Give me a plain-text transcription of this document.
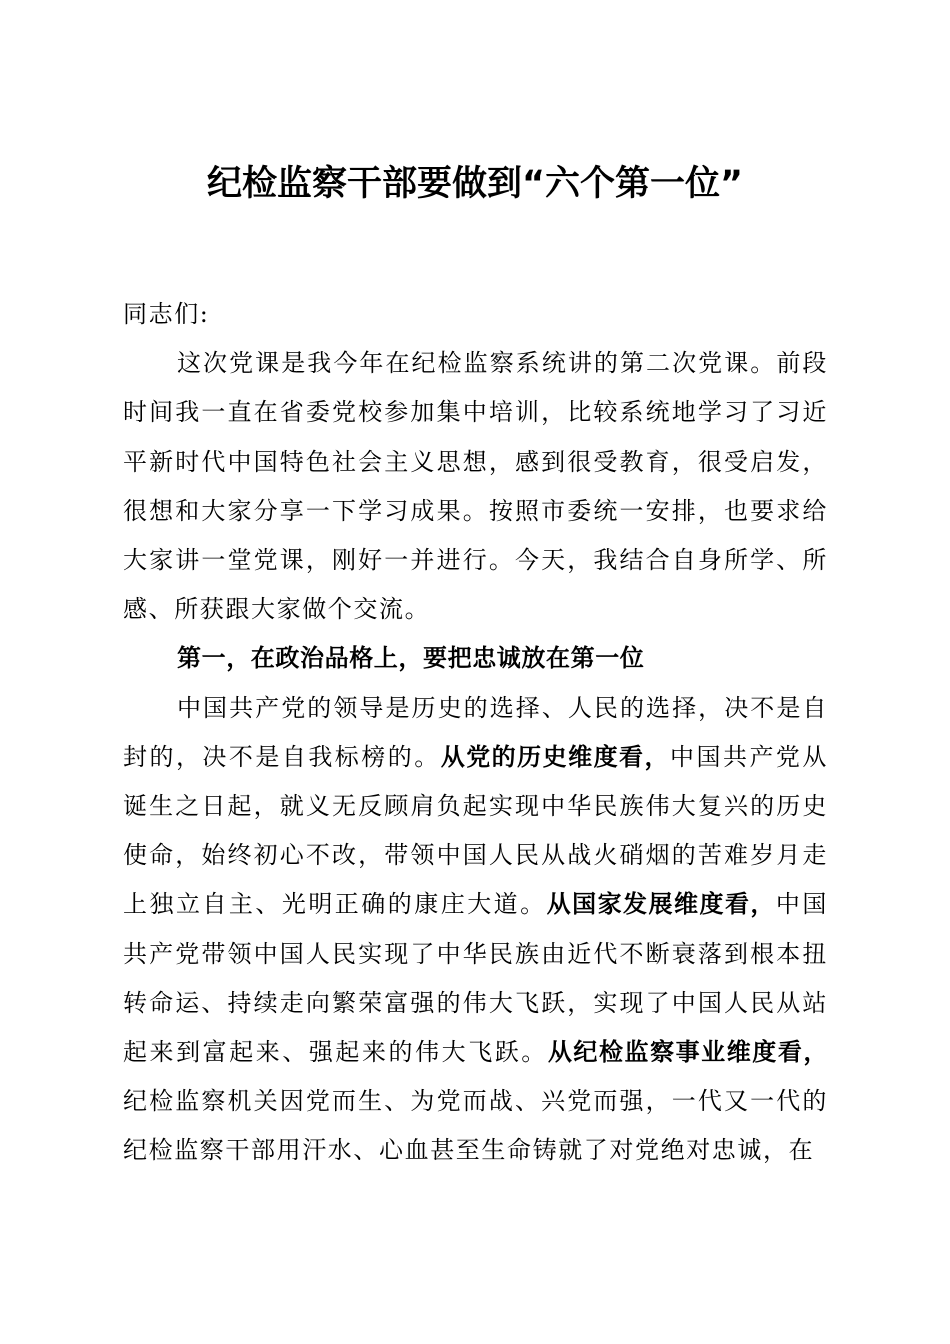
纪检监察干部要做到“六个第一位”

同志们:

这次党课是我今年在纪检监察系统讲的第二次党课。前段时间我一直在省委党校参加集中培训，比较系统地学习了习近平新时代中国特色社会主义思想，感到很受教育，很受启发，很想和大家分享一下学习成果。按照市委统一安排，也要求给大家讲一堂党课，刚好一并进行。今天，我结合自身所学、所感、所获跟大家做个交流。

第一，在政治品格上，要把忠诚放在第一位

中国共产党的领导是历史的选择、人民的选择，决不是自封的，决不是自我标榜的。从党的历史维度看，中国共产党从诞生之日起，就义无反顾肩负起实现中华民族伟大复兴的历史使命，始终初心不改，带领中国人民从战火硝烟的苦难岁月走上独立自主、光明正确的康庄大道。从国家发展维度看，中国共产党带领中国人民实现了中华民族由近代不断衰落到根本扭转命运、持续走向繁荣富强的伟大飞跃，实现了中国人民从站起来到富起来、强起来的伟大飞跃。从纪检监察事业维度看，纪检监察机关因党而生、为党而战、兴党而强，一代又一代的纪检监察干部用汗水、心血甚至生命铸就了对党绝对忠诚，在
